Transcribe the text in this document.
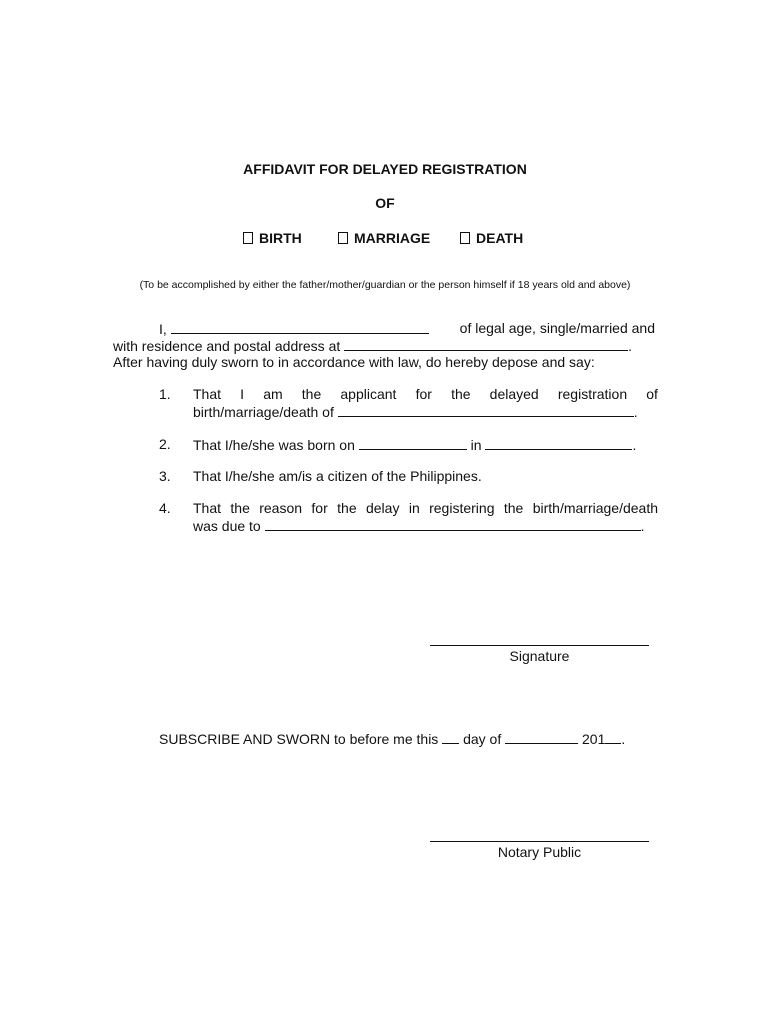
AFFIDAVIT FOR DELAYED REGISTRATION
OF
BIRTH	MARRIAGE	DEATH
(To be accomplished by either the father/mother/guardian or the person himself if 18 years old and above)
I,	of legal age, single/married and
with residence and postal address at	.
After having duly sworn to in accordance with law, do hereby depose and say:
1. That I am the applicant for the delayed registration of
birth/marriage/death of	.
2. That I/he/she was born on	in	.
3. That I/he/she am/is a citizen of the Philippines.
4. That the reason for the delay in registering the birth/marriage/death
was due to	.
Signature
SUBSCRIBE AND SWORN to before me this day of	201 .
Notary Public
